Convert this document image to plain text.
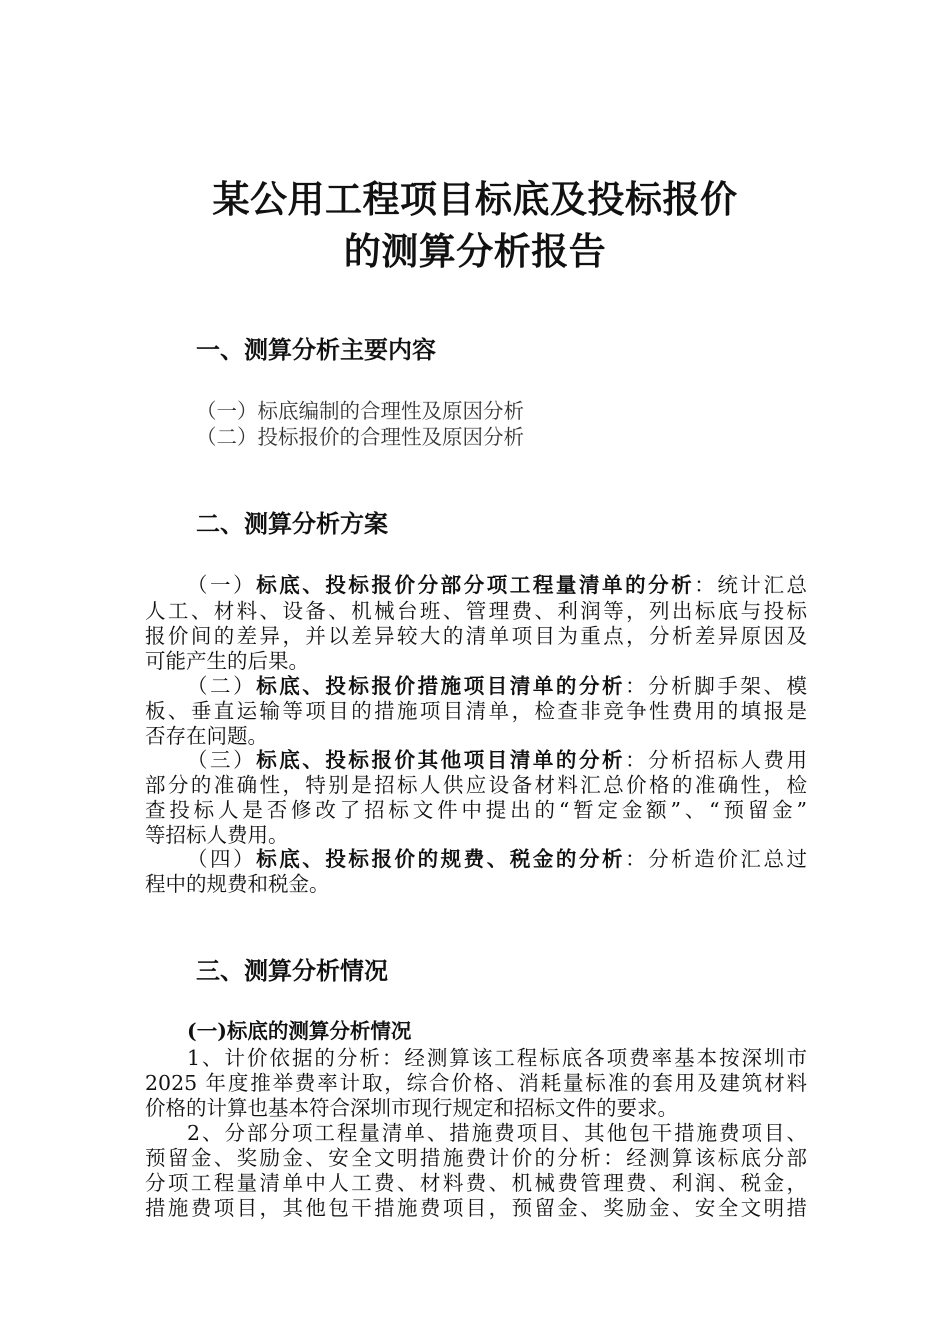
某公用工程项目标底及投标报价
的测算分析报告
一、测算分析主要内容
（一）标底编制的合理性及原因分析
（二）投标报价的合理性及原因分析
二、测算分析方案
（一）标底、投标报价分部分项工程量清单的分析：统计汇总
人工、材料、设备、机械台班、管理费、利润等，列出标底与投标
报价间的差异，并以差异较大的清单项目为重点，分析差异原因及
可能产生的后果。
（二）标底、投标报价措施项目清单的分析：分析脚手架、模
板、垂直运输等项目的措施项目清单，检查非竞争性费用的填报是
否存在问题。
（三）标底、投标报价其他项目清单的分析：分析招标人费用
部分的准确性，特别是招标人供应设备材料汇总价格的准确性，检
查投标人是否修改了招标文件中提出的“暂定金额”、“预留金”
等招标人费用。
（四）标底、投标报价的规费、税金的分析：分析造价汇总过
程中的规费和税金。
三、测算分析情况
(一)标底的测算分析情况
1、计价依据的分析：经测算该工程标底各项费率基本按深圳市
2025 年度推举费率计取，综合价格、消耗量标准的套用及建筑材料
价格的计算也基本符合深圳市现行规定和招标文件的要求。
2、分部分项工程量清单、措施费项目、其他包干措施费项目、
预留金、奖励金、安全文明措施费计价的分析：经测算该标底分部
分项工程量清单中人工费、材料费、机械费管理费、利润、税金，
措施费项目，其他包干措施费项目，预留金、奖励金、安全文明措
